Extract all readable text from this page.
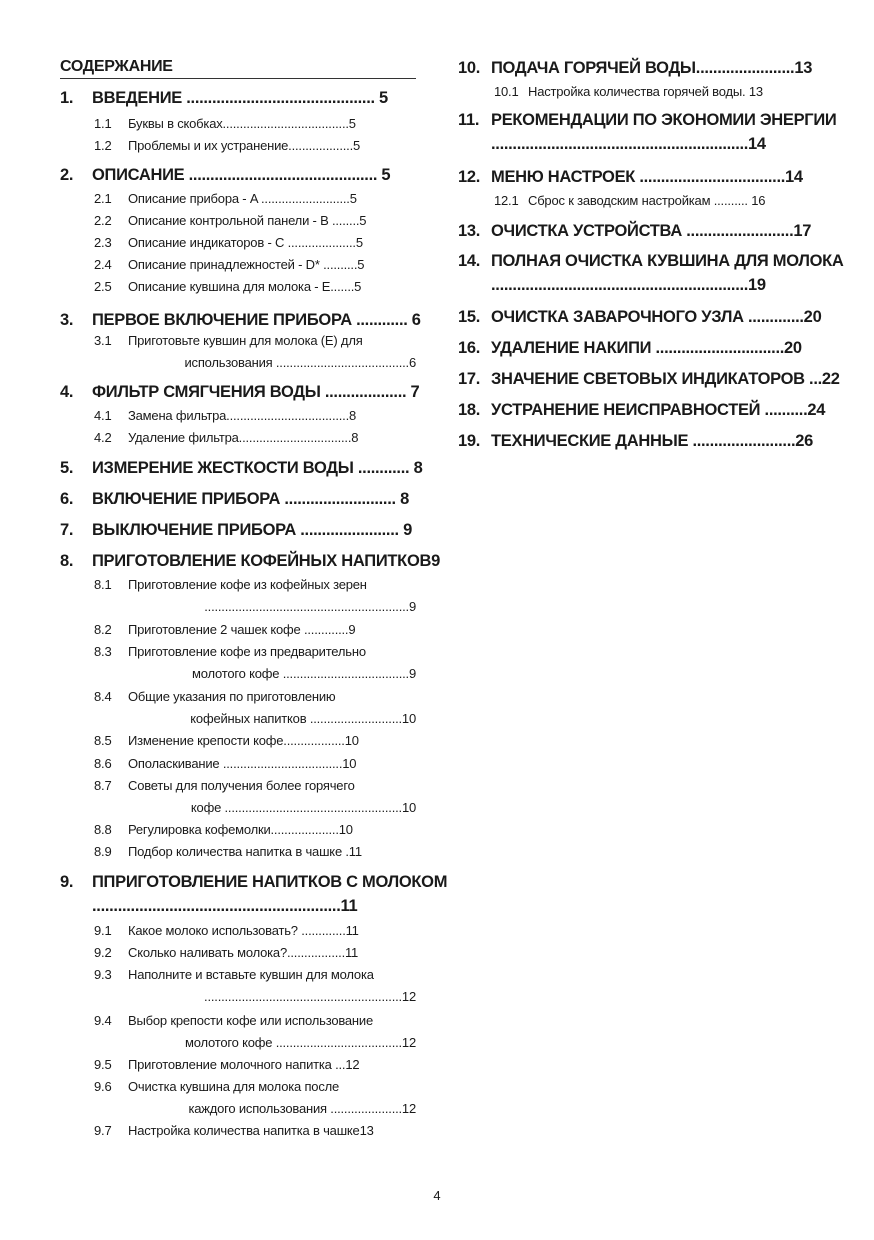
СОДЕРЖАНИЕ
1. ВВЕДЕНИЕ ............................................ 5
1.1 Буквы в скобках.....................................5
1.2 Проблемы и их устранение...................5
2. ОПИСАНИЕ ............................................ 5
2.1 Описание прибора - A ..........................5
2.2 Описание контрольной панели - B ........5
2.3 Описание индикаторов - C ....................5
2.4 Описание принадлежностей - D* ..........5
2.5 Описание кувшина для молока - E.......5
3. ПЕРВОЕ ВКЛЮЧЕНИЕ ПРИБОРА ............ 6
3.1 Приготовьте кувшин для молока (E) для
использования .......................................6
4. ФИЛЬТР СМЯГЧЕНИЯ ВОДЫ ................... 7
4.1 Замена фильтра....................................8
4.2 Удаление фильтра.................................8
5. ИЗМЕРЕНИЕ ЖЕСТКОСТИ ВОДЫ ............ 8
6. ВКЛЮЧЕНИЕ ПРИБОРА .......................... 8
7. ВЫКЛЮЧЕНИЕ ПРИБОРА ....................... 9
8. ПРИГОТОВЛЕНИЕ КОФЕЙНЫХ НАПИТКОВ9
8.1 Приготовление кофе из кофейных зерен
............................................................9
8.2 Приготовление 2 чашек кофе .............9
8.3 Приготовление кофе из предварительно
молотого кофе .....................................9
8.4 Общие указания по приготовлению
кофейных напитков ...........................10
8.5 Изменение крепости кофе..................10
8.6 Ополаскивание ...................................10
8.7 Советы для получения более горячего
кофе ....................................................10
8.8 Регулировка кофемолки....................10
8.9 Подбор количества напитка в чашке .11
9. ППРИГОТОВЛЕНИЕ НАПИТКОВ С МОЛОКОМ
..........................................................11
9.1 Какое молоко использовать? .............11
9.2 Сколько наливать молока?.................11
9.3 Наполните и вставьте кувшин для молока
..........................................................12
9.4 Выбор крепости кофе или использование
молотого кофе .....................................12
9.5 Приготовление молочного напитка ...12
9.6 Очистка кувшина для молока после
каждого использования .....................12
9.7 Настройка количества напитка в чашке13
10. ПОДАЧА ГОРЯЧЕЙ ВОДЫ.......................13
10.1 Настройка количества горячей воды. 13
11. РЕКОМЕНДАЦИИ ПО ЭКОНОМИИ ЭНЕРГИИ
............................................................14
12. МЕНЮ НАСТРОЕК ..................................14
12.1 Сброс к заводским настройкам .......... 16
13. ОЧИСТКА УСТРОЙСТВА .........................17
14. ПОЛНАЯ ОЧИСТКА КУВШИНА ДЛЯ МОЛОКА
............................................................19
15. ОЧИСТКА ЗАВАРОЧНОГО УЗЛА .............20
16. УДАЛЕНИЕ НАКИПИ ..............................20
17. ЗНАЧЕНИЕ СВЕТОВЫХ ИНДИКАТОРОВ ...22
18. УСТРАНЕНИЕ НЕИСПРАВНОСТЕЙ ..........24
19. ТЕХНИЧЕСКИЕ ДАННЫЕ ........................26
4
